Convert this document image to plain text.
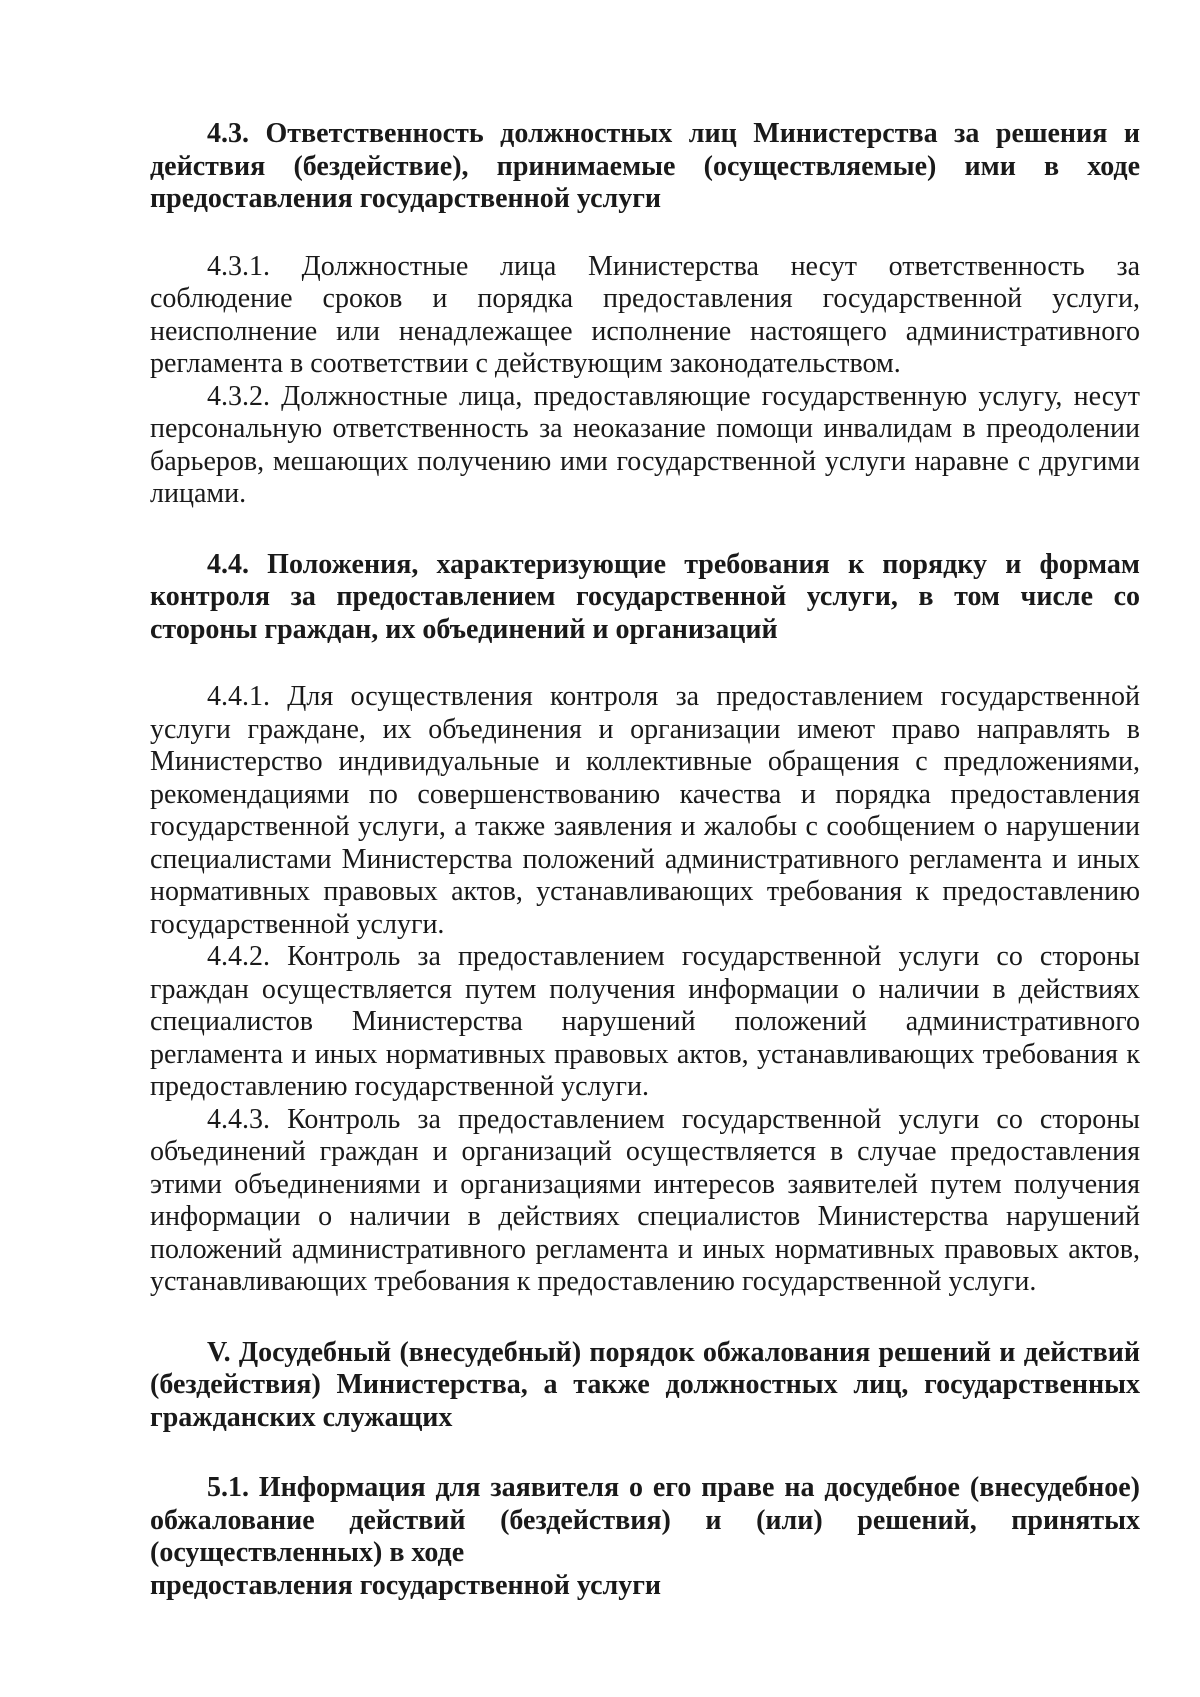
4.3. Ответственность должностных лиц Министерства за решения и действия (бездействие), принимаемые (осуществляемые) ими в ходе предоставления государственной услуги

4.3.1. Должностные лица Министерства несут ответственность за соблюдение сроков и порядка предоставления государственной услуги, неисполнение или ненадлежащее исполнение настоящего административного регламента в соответствии с действующим законодательством.

4.3.2. Должностные лица, предоставляющие государственную услугу, несут персональную ответственность за неоказание помощи инвалидам в преодолении барьеров, мешающих получению ими государственной услуги наравне с другими лицами.

4.4. Положения, характеризующие требования к порядку и формам контроля за предоставлением государственной услуги, в том числе со стороны граждан, их объединений и организаций

4.4.1. Для осуществления контроля за предоставлением государственной услуги граждане, их объединения и организации имеют право направлять в Министерство индивидуальные и коллективные обращения с предложениями, рекомендациями по совершенствованию качества и порядка предоставления государственной услуги, а также заявления и жалобы с сообщением о нарушении специалистами Министерства положений административного регламента и иных нормативных правовых актов, устанавливающих требования к предоставлению государственной услуги.

4.4.2. Контроль за предоставлением государственной услуги со стороны граждан осуществляется путем получения информации о наличии в действиях специалистов Министерства нарушений положений административного регламента и иных нормативных правовых актов, устанавливающих требования к предоставлению государственной услуги.

4.4.3. Контроль за предоставлением государственной услуги со стороны объединений граждан и организаций осуществляется в случае предоставления этими объединениями и организациями интересов заявителей путем получения информации о наличии в действиях специалистов Министерства нарушений положений административного регламента и иных нормативных правовых актов, устанавливающих требования к предоставлению государственной услуги.

V. Досудебный (внесудебный) порядок обжалования решений и действий (бездействия) Министерства, а также должностных лиц, государственных гражданских служащих

5.1. Информация для заявителя о его праве на досудебное (внесудебное) обжалование действий (бездействия) и (или) решений, принятых (осуществленных) в ходе

предоставления государственной услуги
